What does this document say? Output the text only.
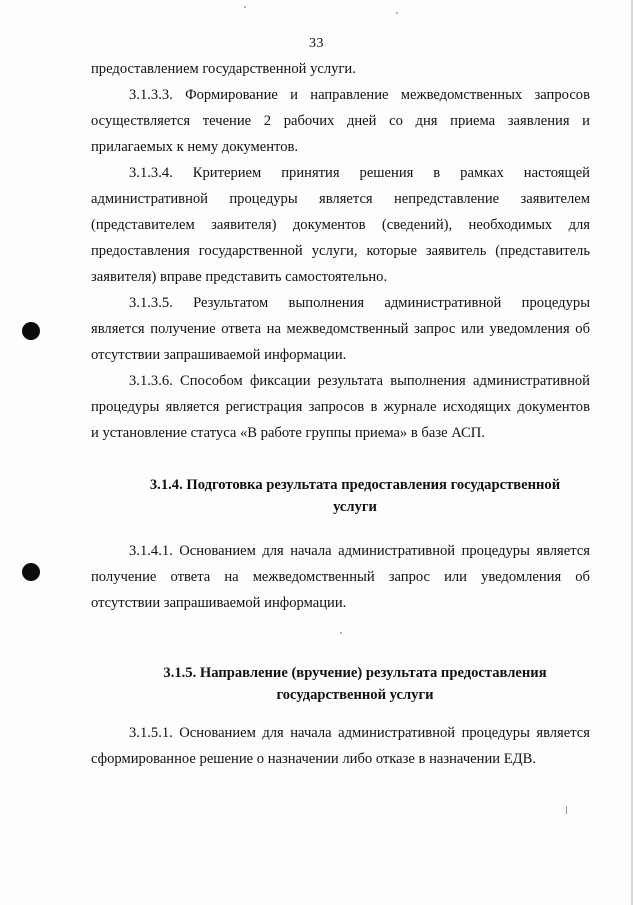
33
предоставлением государственной услуги.
3.1.3.3. Формирование и направление межведомственных запросов
осуществляется течение 2 рабочих дней со дня приема заявления и
прилагаемых к нему документов.
3.1.3.4. Критерием принятия решения в рамках настоящей
административной процедуры является непредставление заявителем
(представителем заявителя) документов (сведений), необходимых для
предоставления государственной услуги, которые заявитель (представитель
заявителя) вправе представить самостоятельно.
3.1.3.5. Результатом выполнения административной процедуры
является получение ответа на межведомственный запрос или уведомления об
отсутствии запрашиваемой информации.
3.1.3.6. Способом фиксации результата выполнения административной
процедуры является регистрация запросов в журнале исходящих документов
и установление статуса «В работе группы приема» в базе АСП.
3.1.4. Подготовка результата предоставления государственной
услуги
3.1.4.1. Основанием для начала административной процедуры является
получение ответа на межведомственный запрос или уведомления об
отсутствии запрашиваемой информации.
3.1.5. Направление (вручение) результата предоставления
государственной услуги
3.1.5.1. Основанием для начала административной процедуры является
сформированное решение о назначении либо отказе в назначении ЕДВ.
